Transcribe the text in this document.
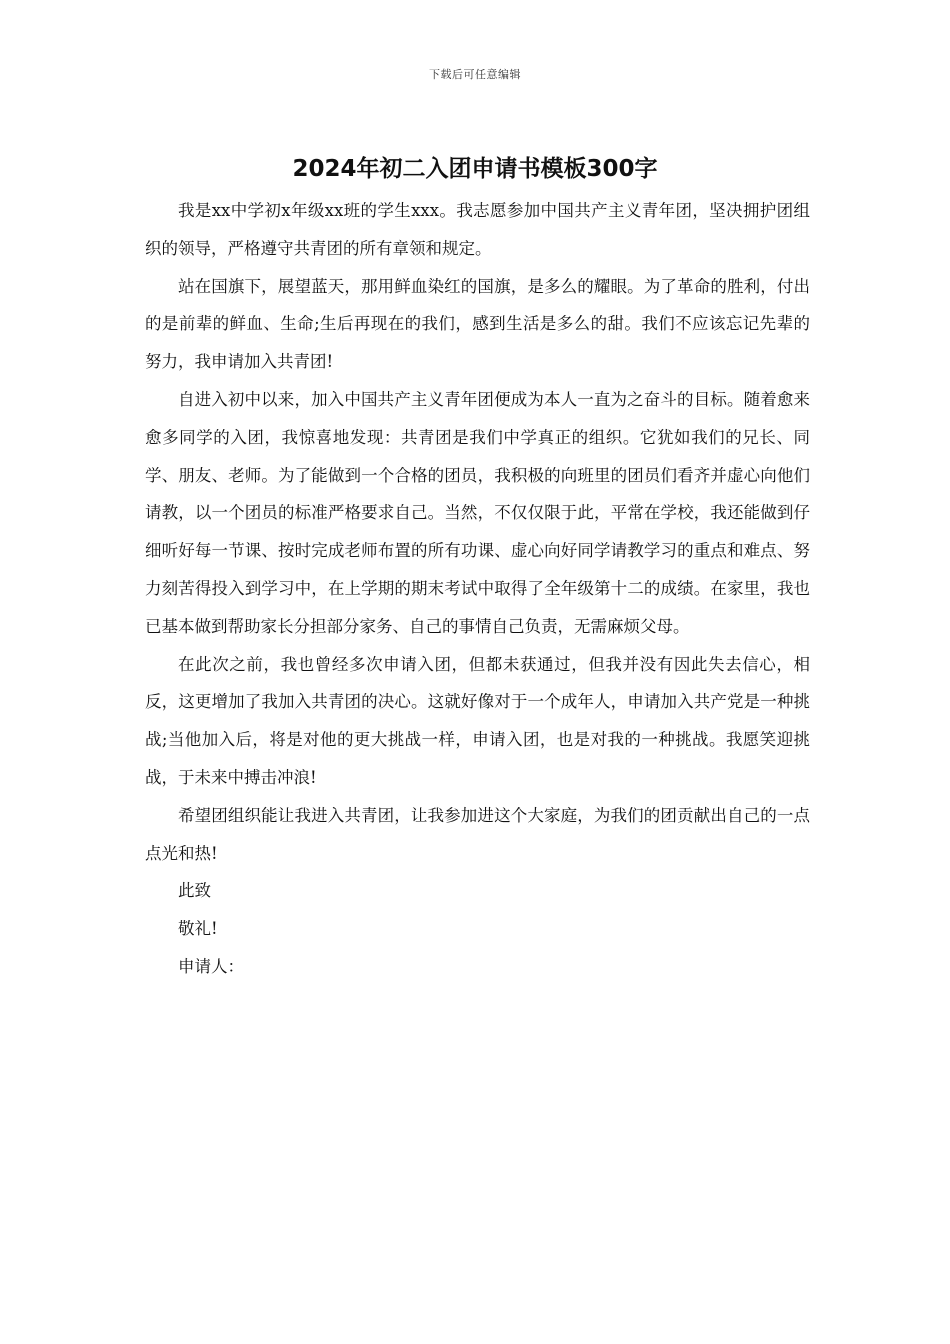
下载后可任意编辑
2024年初二入团申请书模板300字

我是xx中学初x年级xx班的学生xxx。我志愿参加中国共产主义青年团，坚决拥护团组织的领导，严格遵守共青团的所有章领和规定。

站在国旗下，展望蓝天，那用鲜血染红的国旗，是多么的耀眼。为了革命的胜利，付出的是前辈的鲜血、生命;生后再现在的我们，感到生活是多么的甜。我们不应该忘记先辈的努力，我申请加入共青团!

自进入初中以来，加入中国共产主义青年团便成为本人一直为之奋斗的目标。随着愈来愈多同学的入团，我惊喜地发现：共青团是我们中学真正的组织。它犹如我们的兄长、同学、朋友、老师。为了能做到一个合格的团员，我积极的向班里的团员们看齐并虚心向他们请教，以一个团员的标准严格要求自己。当然，不仅仅限于此，平常在学校，我还能做到仔细听好每一节课、按时完成老师布置的所有功课、虚心向好同学请教学习的重点和难点、努力刻苦得投入到学习中，在上学期的期末考试中取得了全年级第十二的成绩。在家里，我也已基本做到帮助家长分担部分家务、自己的事情自己负责，无需麻烦父母。

在此次之前，我也曾经多次申请入团，但都未获通过，但我并没有因此失去信心，相反，这更增加了我加入共青团的决心。这就好像对于一个成年人，申请加入共产党是一种挑战;当他加入后，将是对他的更大挑战一样，申请入团，也是对我的一种挑战。我愿笑迎挑战，于未来中搏击冲浪!

希望团组织能让我进入共青团，让我参加进这个大家庭，为我们的团贡献出自己的一点点光和热!

此致

敬礼!

申请人：
